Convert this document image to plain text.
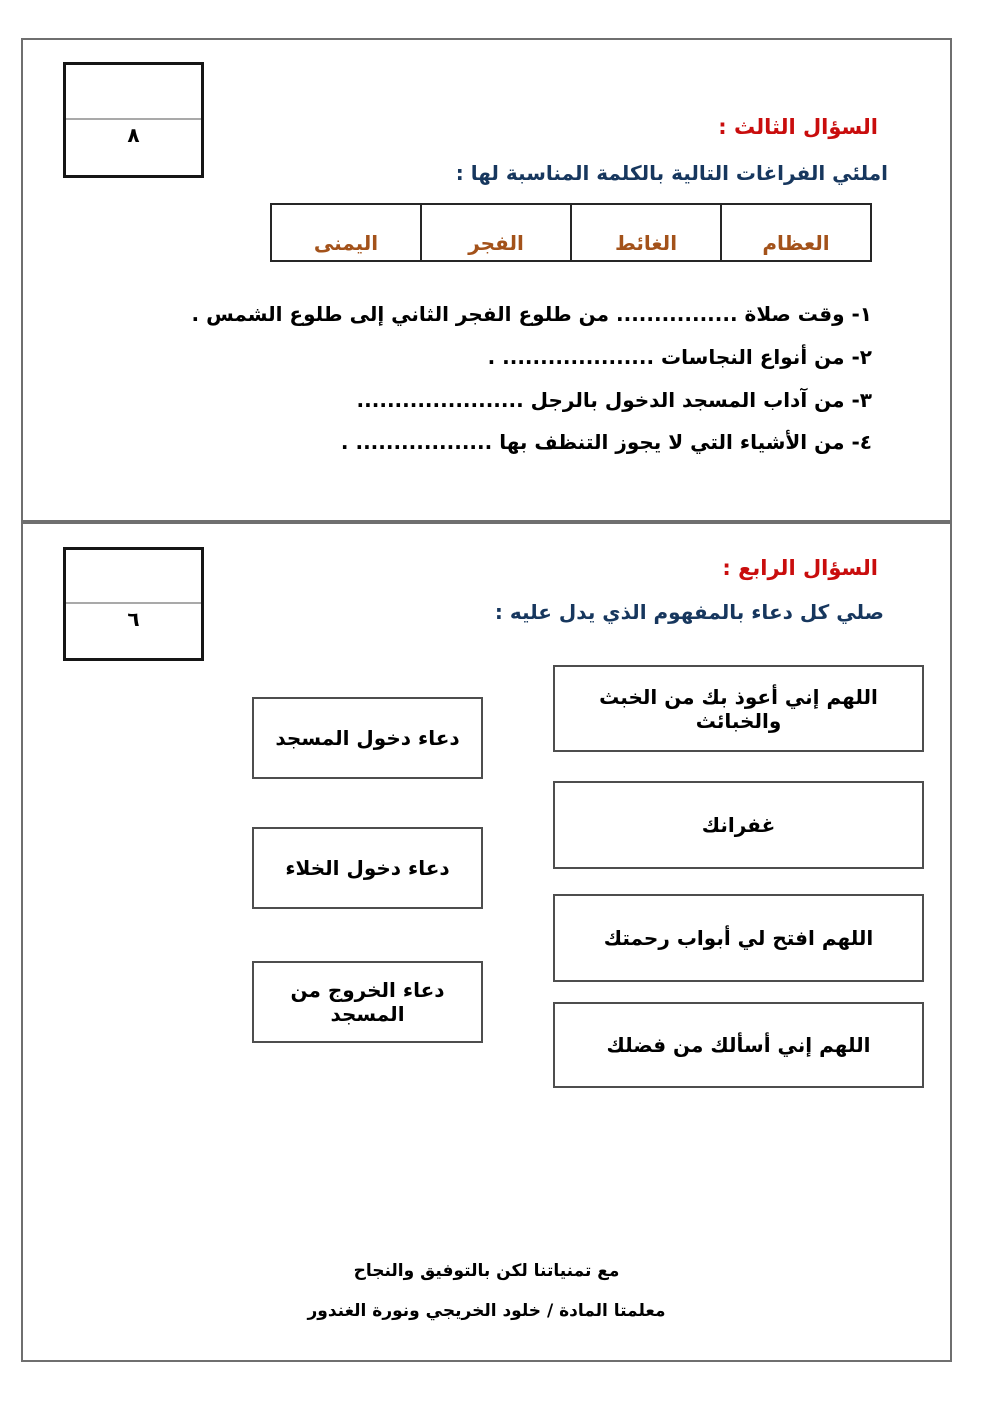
٨	السؤال الثالث :
املئي الفراغات التالية بالكلمة المناسبة لها :
العظام
الغائط
الفجر
اليمنى
١- وقت صلاة ................ من طلوع الفجر الثاني إلى طلوع الشمس .
٢- من أنواع النجاسات .................... .
٣- من آداب المسجد الدخول بالرجل ......................
٤- من الأشياء التي لا يجوز التنظف بها .................. .
٦
السؤال الرابع :
صلي كل دعاء بالمفهوم الذي يدل عليه :
اللهم إني أعوذ بك من الخبث والخبائث
غفرانك
اللهم افتح لي أبواب رحمتك
اللهم إني أسألك من فضلك
دعاء دخول المسجد
دعاء دخول الخلاء
دعاء الخروج من المسجد
مع تمنياتنا لكن بالتوفيق والنجاح
معلمتا المادة / خلود الخريجي ونورة الغندور
